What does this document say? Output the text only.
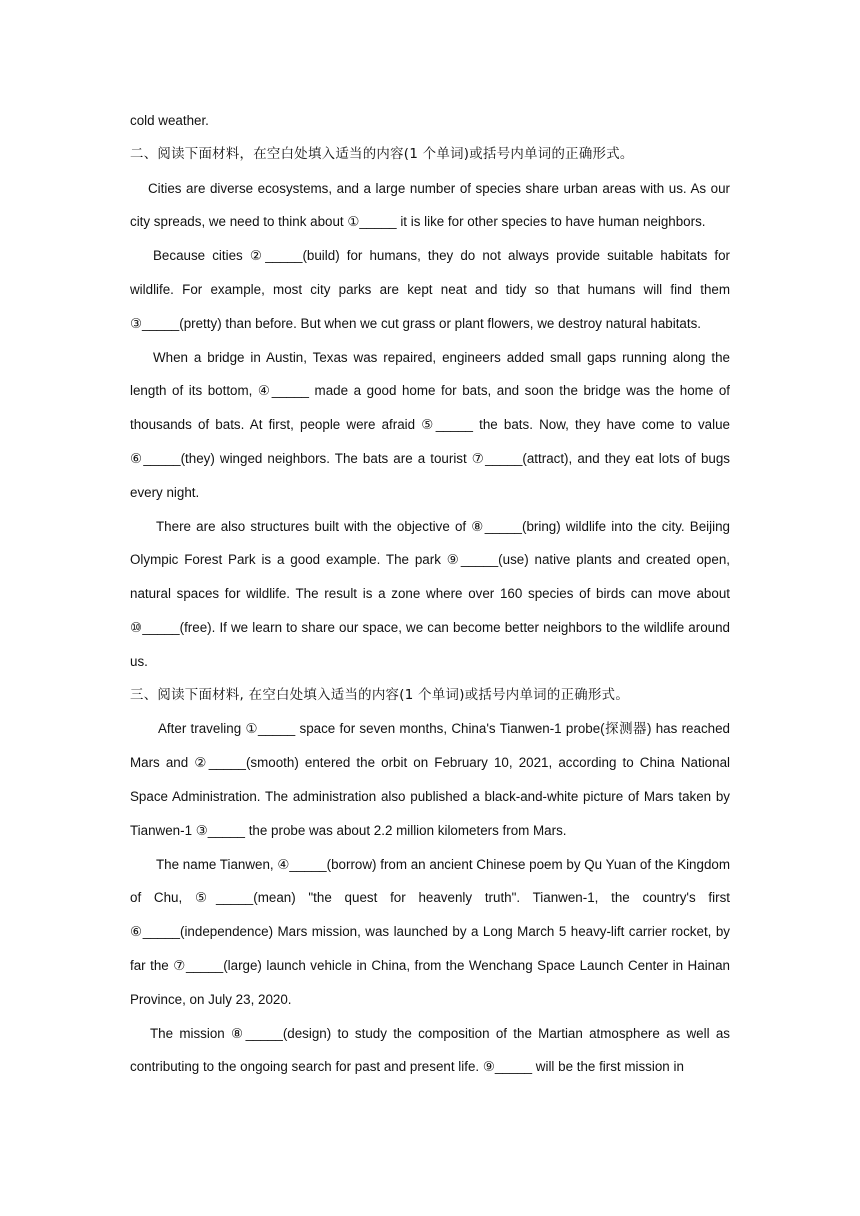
cold weather.

二、阅读下面材料，在空白处填入适当的内容(1 个单词)或括号内单词的正确形式。

Cities are diverse ecosystems, and a large number of species share urban areas with us. As our city spreads, we need to think about ①_____ it is like for other species to have human neighbors.

Because cities ②_____(build) for humans, they do not always provide suitable habitats for wildlife. For example, most city parks are kept neat and tidy so that humans will find them ③_____(pretty) than before. But when we cut grass or plant flowers, we destroy natural habitats.

When a bridge in Austin, Texas was repaired, engineers added small gaps running along the length of its bottom, ④_____ made a good home for bats, and soon the bridge was the home of thousands of bats. At first, people were afraid ⑤_____ the bats. Now, they have come to value ⑥_____(they) winged neighbors. The bats are a tourist ⑦_____(attract), and they eat lots of bugs every night.

There are also structures built with the objective of ⑧_____(bring) wildlife into the city. Beijing Olympic Forest Park is a good example. The park ⑨_____(use) native plants and created open, natural spaces for wildlife. The result is a zone where over 160 species of birds can move about ⑩_____(free). If we learn to share our space, we can become better neighbors to the wildlife around us.

三、阅读下面材料, 在空白处填入适当的内容(1 个单词)或括号内单词的正确形式。

After traveling ①_____ space for seven months, China's Tianwen-1 probe(探测器) has reached Mars and ②_____(smooth) entered the orbit on February 10, 2021, according to China National Space Administration. The administration also published a black-and-white picture of Mars taken by Tianwen-1 ③_____ the probe was about 2.2 million kilometers from Mars.

The name Tianwen, ④_____(borrow) from an ancient Chinese poem by Qu Yuan of the Kingdom of Chu, ⑤_____(mean) "the quest for heavenly truth". Tianwen-1, the country's first ⑥_____(independence) Mars mission, was launched by a Long March 5 heavy-lift carrier rocket, by far the ⑦_____(large) launch vehicle in China, from the Wenchang Space Launch Center in Hainan Province, on July 23, 2020.

The mission ⑧_____(design) to study the composition of the Martian atmosphere as well as contributing to the ongoing search for past and present life. ⑨_____ will be the first mission in
